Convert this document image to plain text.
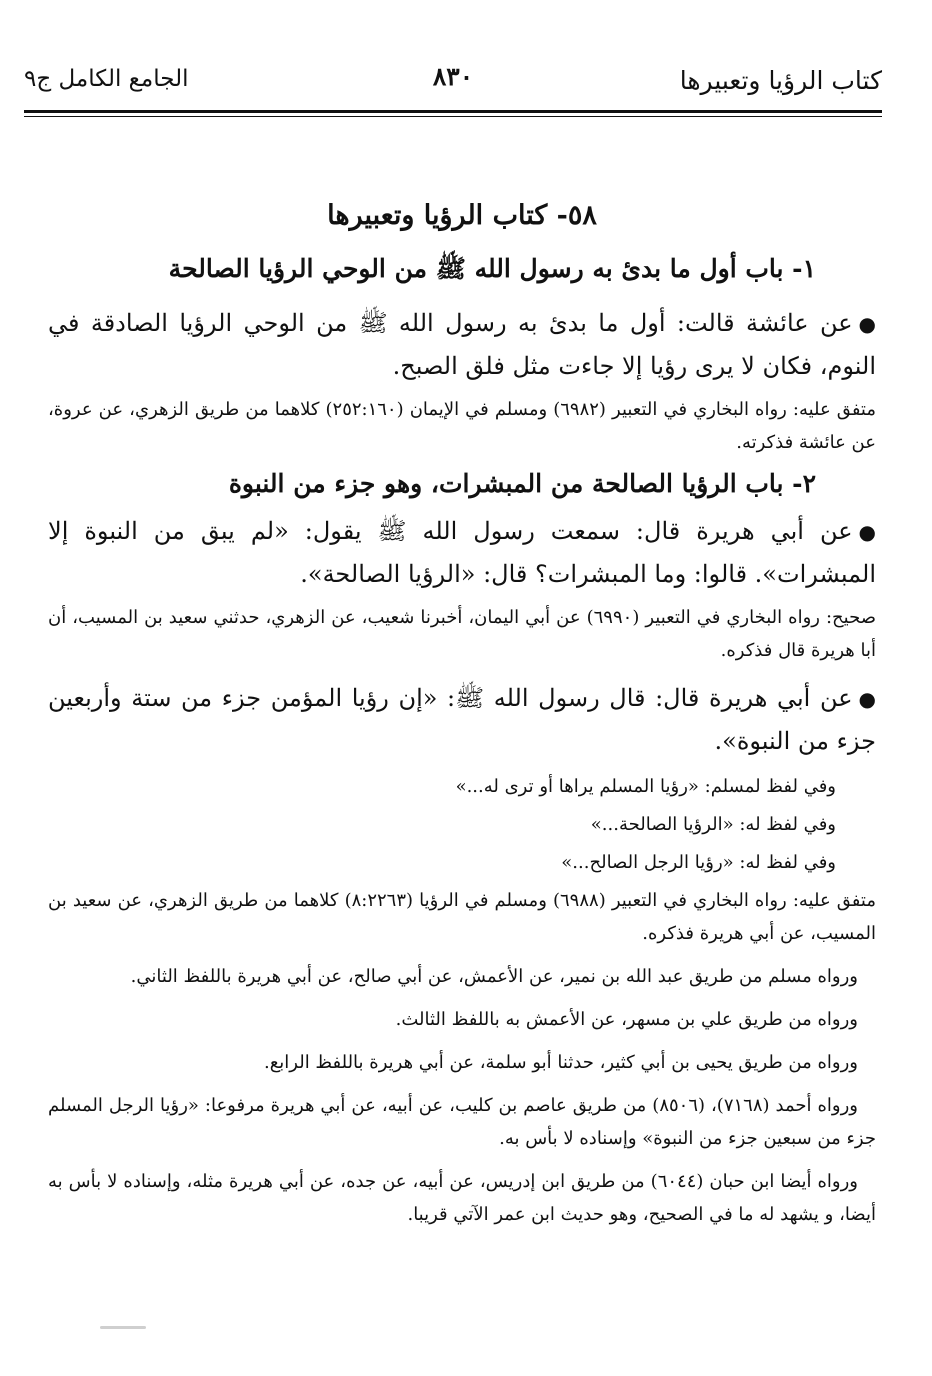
كتاب الرؤيا وتعبيرها
٨٣٠
الجامع الكامل ج٩
٥٨- كتاب الرؤيا وتعبيرها
١- باب أول ما بدئ به رسول الله ﷺ من الوحي الرؤيا الصالحة

●عن عائشة قالت: أول ما بدئ به رسول الله ﷺ من الوحي الرؤيا الصادقة في النوم، فكان لا يرى رؤيا إلا جاءت مثل فلق الصبح.

متفق عليه: رواه البخاري في التعبير (٦٩٨٢) ومسلم في الإيمان (٢٥٢:١٦٠) كلاهما من طريق الزهري، عن عروة، عن عائشة فذكرته.

٢- باب الرؤيا الصالحة من المبشرات، وهو جزء من النبوة

●عن أبي هريرة قال: سمعت رسول الله ﷺ يقول: «لم يبق من النبوة إلا المبشرات». قالوا: وما المبشرات؟ قال: «الرؤيا الصالحة».

صحيح: رواه البخاري في التعبير (٦٩٩٠) عن أبي اليمان، أخبرنا شعيب، عن الزهري، حدثني سعيد بن المسيب، أن أبا هريرة قال فذكره.

●عن أبي هريرة قال: قال رسول الله ﷺ: «إن رؤيا المؤمن جزء من ستة وأربعين جزء من النبوة».

وفي لفظ لمسلم: «رؤيا المسلم يراها أو ترى له...»

وفي لفظ له: «الرؤيا الصالحة...»

وفي لفظ له: «رؤيا الرجل الصالح...»

متفق عليه: رواه البخاري في التعبير (٦٩٨٨) ومسلم في الرؤيا (٨:٢٢٦٣) كلاهما من طريق الزهري، عن سعيد بن المسيب، عن أبي هريرة فذكره.

ورواه مسلم من طريق عبد الله بن نمير، عن الأعمش، عن أبي صالح، عن أبي هريرة باللفظ الثاني.

ورواه من طريق علي بن مسهر، عن الأعمش به باللفظ الثالث.

ورواه من طريق يحيى بن أبي كثير، حدثنا أبو سلمة، عن أبي هريرة باللفظ الرابع.

ورواه أحمد (٧١٦٨)، (٨٥٠٦) من طريق عاصم بن كليب، عن أبيه، عن أبي هريرة مرفوعا: «رؤيا الرجل المسلم جزء من سبعين جزء من النبوة» وإسناده لا بأس به.

ورواه أيضا ابن حبان (٦٠٤٤) من طريق ابن إدريس، عن أبيه، عن جده، عن أبي هريرة مثله، وإسناده لا بأس به أيضا، و يشهد له ما في الصحيح، وهو حديث ابن عمر الآتي قريبا.
